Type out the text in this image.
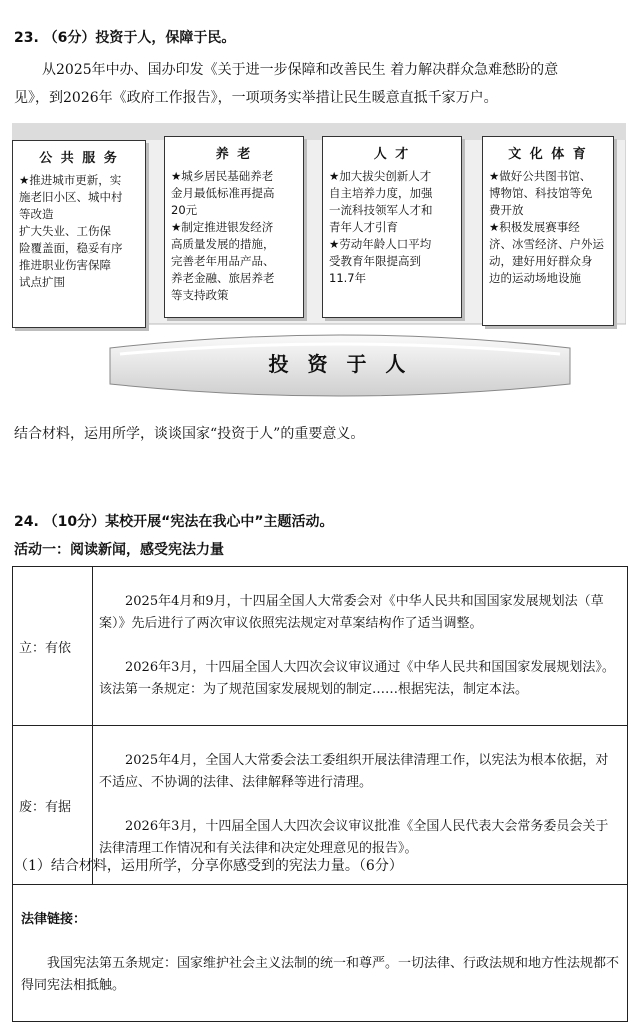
23. （6分）投资于人，保障于民。
从2025年中办、国办印发《关于进一步保障和改善民生 着力解决群众急难愁盼的意
见》，到2026年《政府工作报告》，一项项务实举措让民生暖意直抵千家万户。
公 共 服 务
★推进城市更新，实
施老旧小区、城中村
等改造
扩大失业、工伤保
险覆盖面，稳妥有序
推进职业伤害保障
试点扩围
养 老
★城乡居民基础养老
金月最低标准再提高
20元
★制定推进银发经济
高质量发展的措施，
完善老年用品产品、
养老金融、旅居养老
等支持政策
人 才
★加大拔尖创新人才
自主培养力度，加强
一流科技领军人才和
青年人才引育
★劳动年龄人口平均
受教育年限提高到
11.7年
文 化 体 育
★做好公共图书馆、
博物馆、科技馆等免
费开放
★积极发展赛事经
济、冰雪经济、户外运
动，建好用好群众身
边的运动场地设施
投 资 于 人
结合材料，运用所学，谈谈国家“投资于人”的重要意义。
24. （10分）某校开展“宪法在我心中”主题活动。
活动一：阅读新闻，感受宪法力量
立：有依

2025年4月和9月，十四届全国人大常委会对《中华人民共和国国家发展规划法（草案）》先后进行了两次审议依照宪法规定对草案结构作了适当调整。

2026年3月，十四届全国人大四次会议审议通过《中华人民共和国国家发展规划法》。该法第一条规定：为了规范国家发展规划的制定……根据宪法，制定本法。

废：有据

2025年4月，全国人大常委会法工委组织开展法律清理工作，以宪法为根本依据，对不适应、不协调的法律、法律解释等进行清理。

2026年3月，十四届全国人大四次会议审议批准《全国人民代表大会常务委员会关于法律清理工作情况和有关法律和决定处理意见的报告》。

法律链接：

我国宪法第五条规定：国家维护社会主义法制的统一和尊严。一切法律、行政法规和地方性法规都不得同宪法相抵触。

（1）结合材料，运用所学，分享你感受到的宪法力量。（6分）
